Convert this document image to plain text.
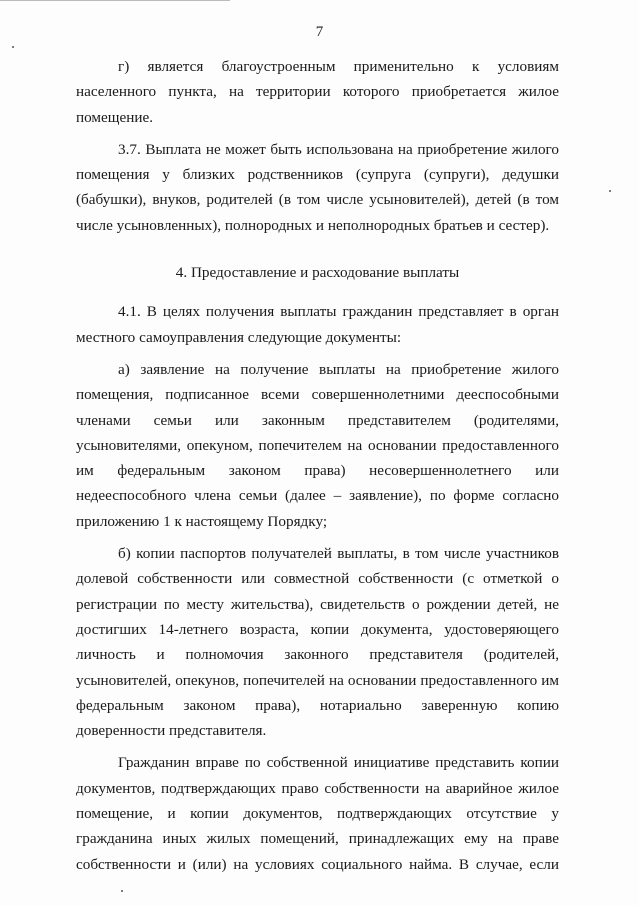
7
г) является благоустроенным применительно к условиям
населенного пункта, на территории которого приобретается жилое
помещение.
3.7. Выплата не может быть использована на приобретение жилого
помещения у близких родственников (супруга (супруги), дедушки
(бабушки), внуков, родителей (в том числе усыновителей), детей (в том
числе усыновленных), полнородных и неполнородных братьев и сестер).
4. Предоставление и расходование выплаты
4.1. В целях получения выплаты гражданин представляет в орган
местного самоуправления следующие документы:
а) заявление на получение выплаты на приобретение жилого
помещения, подписанное всеми совершеннолетними дееспособными
членами семьи или законным представителем (родителями,
усыновителями, опекуном, попечителем на основании предоставленного
им федеральным законом права) несовершеннолетнего или
недееспособного члена семьи (далее – заявление), по форме согласно
приложению 1 к настоящему Порядку;
б) копии паспортов получателей выплаты, в том числе участников
долевой собственности или совместной собственности (с отметкой о
регистрации по месту жительства), свидетельств о рождении детей, не
достигших 14-летнего возраста, копии документа, удостоверяющего
личность и полномочия законного представителя (родителей,
усыновителей, опекунов, попечителей на основании предоставленного им
федеральным законом права), нотариально заверенную копию
доверенности представителя.
Гражданин вправе по собственной инициативе представить копии
документов, подтверждающих право собственности на аварийное жилое
помещение, и копии документов, подтверждающих отсутствие у
гражданина иных жилых помещений, принадлежащих ему на праве
собственности и (или) на условиях социального найма. В случае, если
